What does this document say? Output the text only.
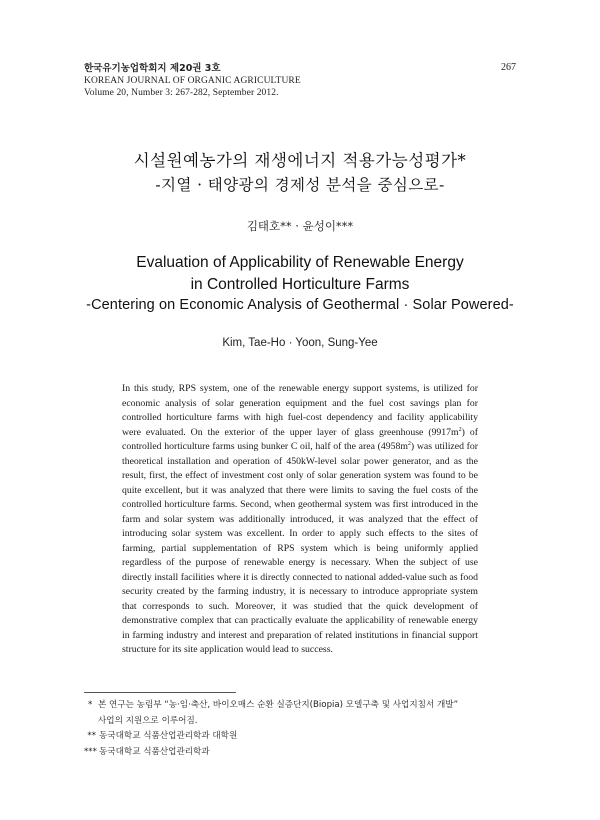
한국유기농업학회지 제20권 3호
KOREAN JOURNAL OF ORGANIC AGRICULTURE
Volume 20, Number 3: 267-282, September 2012.
267
시설원예농가의 재생에너지 적용가능성평가*
-지열 · 태양광의 경제성 분석을 중심으로-
김태호** · 윤성이***
Evaluation of Applicability of Renewable Energy
in Controlled Horticulture Farms
-Centering on Economic Analysis of Geothermal · Solar Powered-
Kim, Tae-Ho · Yoon, Sung-Yee

In this study, RPS system, one of the renewable energy support systems, is utilized for economic analysis of solar generation equipment and the fuel cost savings plan for controlled horticulture farms with high fuel-cost dependency and facility applicability were evaluated. On the exterior of the upper layer of glass greenhouse $(9917m^2)$ of controlled horticulture farms using bunker C oil, half of the area $(4958m^2)$ was utilized for theoretical installation and operation of 450kW-level solar power generator, and as the result, first, the effect of investment cost only of solar generation system was found to be quite excellent, but it was analyzed that there were limits to saving the fuel costs of the controlled horticulture farms. Second, when geothermal system was first introduced in the farm and solar system was additionally introduced, it was analyzed that the effect of introducing solar system was excellent. In order to apply such effects to the sites of farming, partial supplementation of RPS system which is being uniformly applied regardless of the purpose of renewable energy is necessary. When the subject of use directly install facilities where it is directly connected to national added-value such as food security created by the farming industry, it is necessary to introduce appropriate system that corresponds to such. Moreover, it was studied that the quick development of demonstrative complex that can practically evaluate the applicability of renewable energy in farming industry and interest and preparation of related institutions in financial support structure for its site application would lead to success.

* 본 연구는 농림부 “농·임·축산, 바이오매스 순환 실증단지(Biopia) 모델구축 및 사업지침서 개발”
사업의 지원으로 이루어짐.
** 동국대학교 식품산업관리학과 대학원
*** 동국대학교 식품산업관리학과
